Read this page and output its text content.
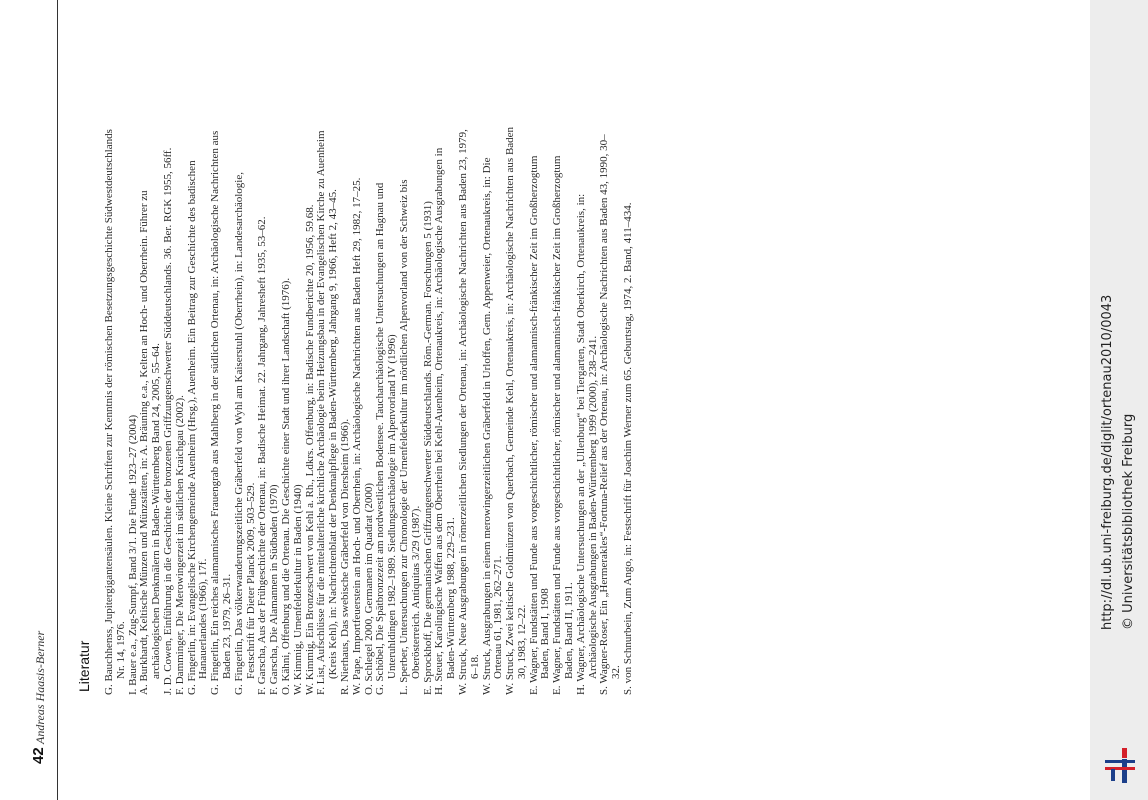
42
Andreas Haasis-Berner Literatur G. Bauchhenss, Jupitergigantensäulen. Kleine Schriften zur Kenntnis der römischen Besetzungsgeschichte Südwestdeutschlands Nr. 14, 1976. I. Bauer e.a., Zug-Sumpf, Band 3/1. Die Funde 1923–27 (2004) A. Burkhardt, Keltische Münzen und Münzstätten, in: A. Bräuning e.a., Kelten an Hoch- und Oberrhein. Führer zu archäologischen Denkmälern in Baden-Württemberg Band 24, 2005, 55–64. J. D. Cowen, Einführung in die Geschichte der bronzenen Griffzungenschwerter Süddeutschlands. 36. Ber. RGK 1955, 56ff. F. Damminger, Die Merowingerzeit im südlichen Kraichgau (2002). G. Fingerlin, in: Evangelische Kirchengemeinde Auenheim (Hrsg.), Auenheim. Ein Beitrag zur Geschichte des badischen Hanauerlandes (1966), 17f. G. Fingerlin, Ein reiches alamannisches Frauengrab aus Mahlberg in der südlichen Ortenau, in: Archäologische Nachrichten aus Baden 23, 1979, 26–31. G. Fingerlin, Das völkerwanderungszeitliche Gräberfeld von Wyhl am Kaiserstuhl (Oberrhein), in: Landesarchäologie, Festschrift für Dieter Planck 2009, 503–529. F. Garscha, Aus der Frühgeschichte der Ortenau, in: Badische Heimat. 22. Jahrgang, Jahresheft 1935, 53–62. F. Garscha, Die Alamannen in Südbaden (1970) O. Kähni, Offenburg und die Ortenau. Die Geschichte einer Stadt und ihrer Landschaft (1976). W. Kimmig, Urnenfelderkultur in Baden (1940) W. Kimmig, Ein Bronzeschwert von Kehl a. Rh., Ldkrs. Offenburg, in: Badische Fundberichte 20, 1956, 59.68. F. List, Aufschlüsse für die mittelalterliche kirchliche Archäologie beim Heizungsbau in der Evangelischen Kirche zu Auenheim (Kreis Kehl), in: Nachrichtenblatt der Denkmalpflege in Baden-Württemberg, Jahrgang 9, 1966, Heft 2, 43–45. R. Nierhaus, Das swebische Gräberfeld von Diersheim (1966). W. Pape, Importfeuerstein an Hoch- und Oberrhein, in: Archäologische Nachrichten aus Baden Heft 29, 1982, 17–25. O. Schlegel 2000, Germanen im Quadrat (2000) G. Schöbel, Die Spätbronzezeit am nordwestlichen Bodensee. Taucharchäologische Untersuchungen an Hagnau und Unteruhldingen 1982–1989. Siedlungsarchäologie im Alpenvorland IV (1996) L. Sperber, Untersuchungen zur Chronologie der Urnenfelderkultur im nördlichen Alpenvorland von der Schweiz bis Oberösterreich. Antiquitas 3/29 (1987). E. Sprockhoff, Die germanischen Griffzungenschwerter Süddeutschlands. Röm.-German. Forschungen 5 (1931) H. Steuer, Karolingische Waffen aus dem Oberrhein bei Kehl-Auenheim, Ortenaukreis, in: Archäologische Ausgrabungen in Baden-Württemberg 1988, 229–231. W. Struck, Neue Ausgrabungen in römerzeitlichen Siedlungen der Ortenau, in: Archäologische Nachrichten aus Baden 23, 1979, 6–18. W. Struck, Ausgrabungen in einem merowingerzeitlichen Gräberfeld in Urloffen, Gem. Appenweier, Ortenaukreis, in: Die Ortenau 61, 1981, 262–271. W. Struck, Zwei keltische Goldmünzen von Querbach, Gemeinde Kehl, Ortenaukreis, in: Archäologische Nachrichten aus Baden 30, 1983, 12–22. E. Wagner, Fundstätten und Funde aus vorgeschichtlicher, römischer und alamannisch-fränkischer Zeit im Großherzogtum Baden, Band I, 1908 E. Wagner, Fundstätten und Funde aus vorgeschichtlicher, römischer und alamannisch-fränkischer Zeit im Großherzogtum Baden, Band II, 1911. H. Wagner, Archäologische Untersuchungen an der „Ullenburg“ bei Tiergarten, Stadt Oberkirch, Ortenaukreis, in: Archäologische Ausgrabungen in Baden-Württemberg 1999 (2000), 238–241. S. Wagner-Roser, Ein „Hermerakles“-Fortuna-Relief aus der Ortenau, in: Archäologische Nachrichten aus Baden 43, 1990, 30–32. S. von Schnurbein, Zum Ango, in: Festschrift für Joachim Werner zum 65. Geburtstag, 1974, 2. Band, 411–434.	http://dl.ub.uni-freiburg.de/diglit/ortenau2010/0043 © Universitätsbibliothek Freiburg
